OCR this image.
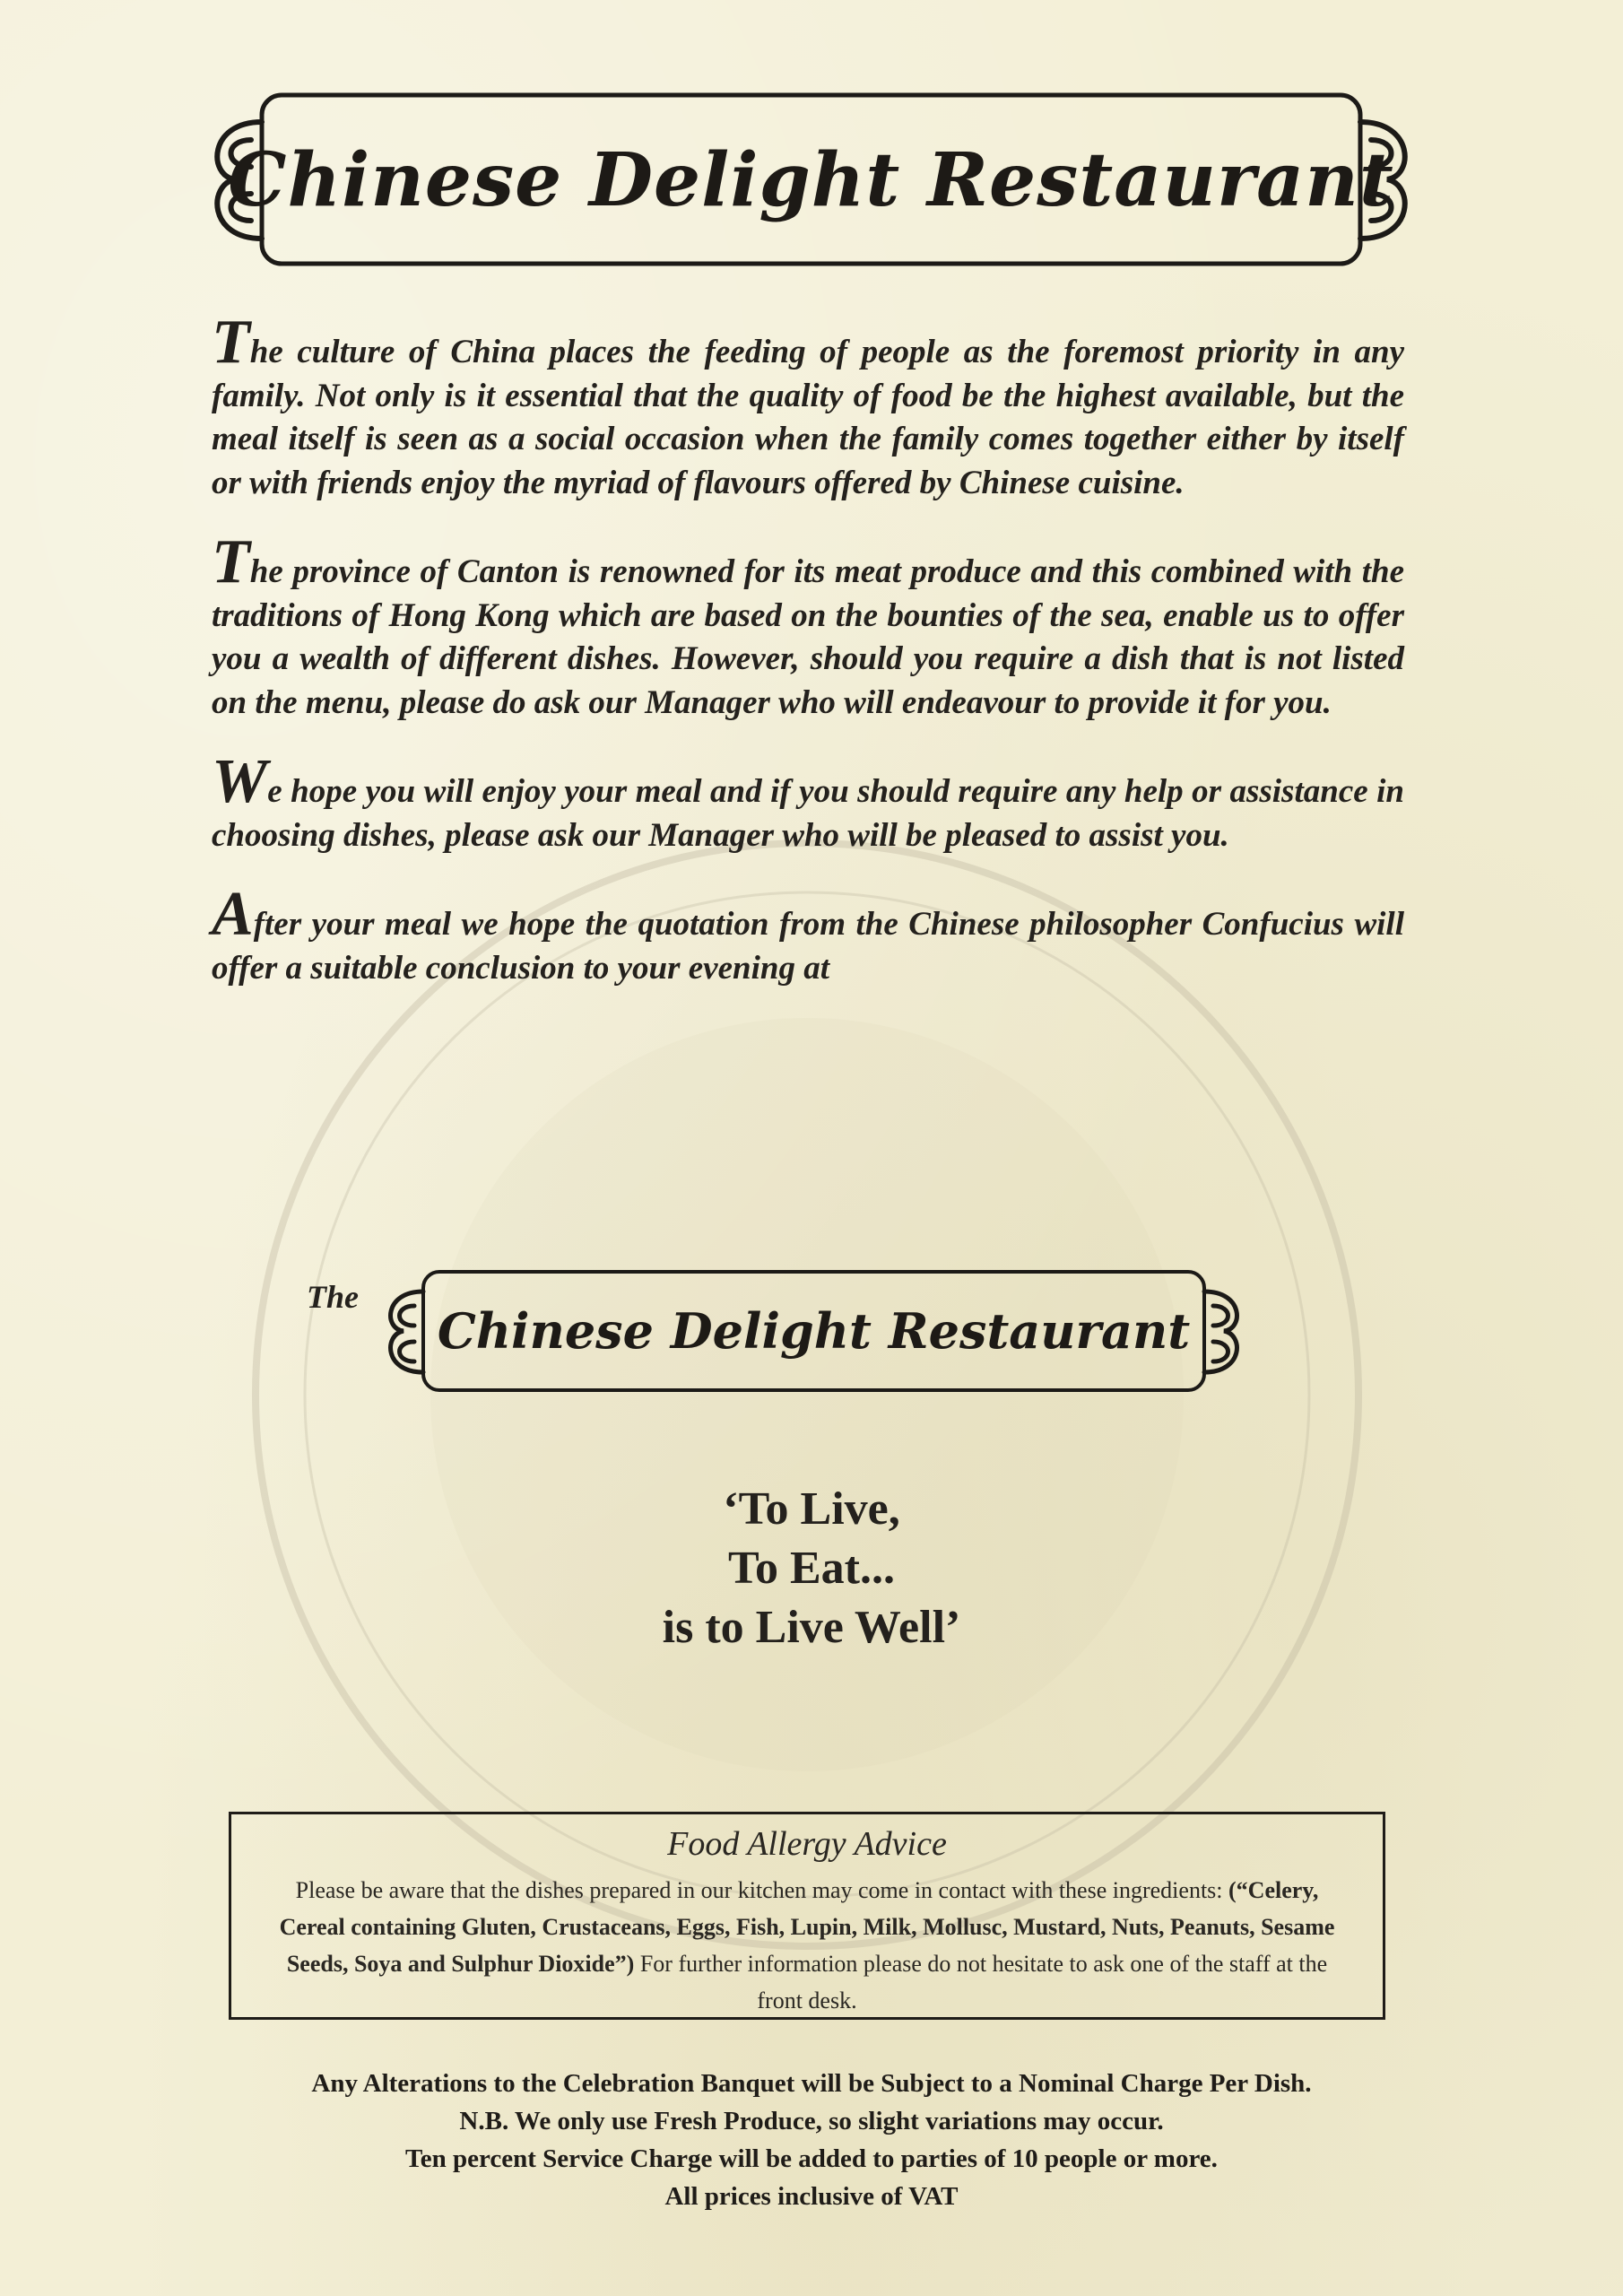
Chinese Delight Restaurant

The culture of China places the feeding of people as the foremost priority in any family. Not only is it essential that the quality of food be the highest available, but the meal itself is seen as a social occasion when the family comes together either by itself or with friends enjoy the myriad of flavours offered by Chinese cuisine.

The province of Canton is renowned for its meat produce and this combined with the traditions of Hong Kong which are based on the bounties of the sea, enable us to offer you a wealth of different dishes. However, should you require a dish that is not listed on the menu, please do ask our Manager who will endeavour to provide it for you.

We hope you will enjoy your meal and if you should require any help or assistance in choosing dishes, please ask our Manager who will be pleased to assist you.

After your meal we hope the quotation from the Chinese philosopher Confucius will offer a suitable conclusion to your evening at

The
Chinese Delight Restaurant
‘To Live,
To Eat...
is to Live Well’
Food Allergy Advice
Please be aware that the dishes prepared in our kitchen may come in contact with these ingredients: (“Celery, Cereal containing Gluten, Crustaceans, Eggs, Fish, Lupin, Milk, Mollusc, Mustard, Nuts, Peanuts, Sesame Seeds, Soya and Sulphur Dioxide”) For further information please do not hesitate to ask one of the staff at the front desk.
Any Alterations to the Celebration Banquet will be Subject to a Nominal Charge Per Dish.
N.B. We only use Fresh Produce, so slight variations may occur.
Ten percent Service Charge will be added to parties of 10 people or more.
All prices inclusive of VAT
